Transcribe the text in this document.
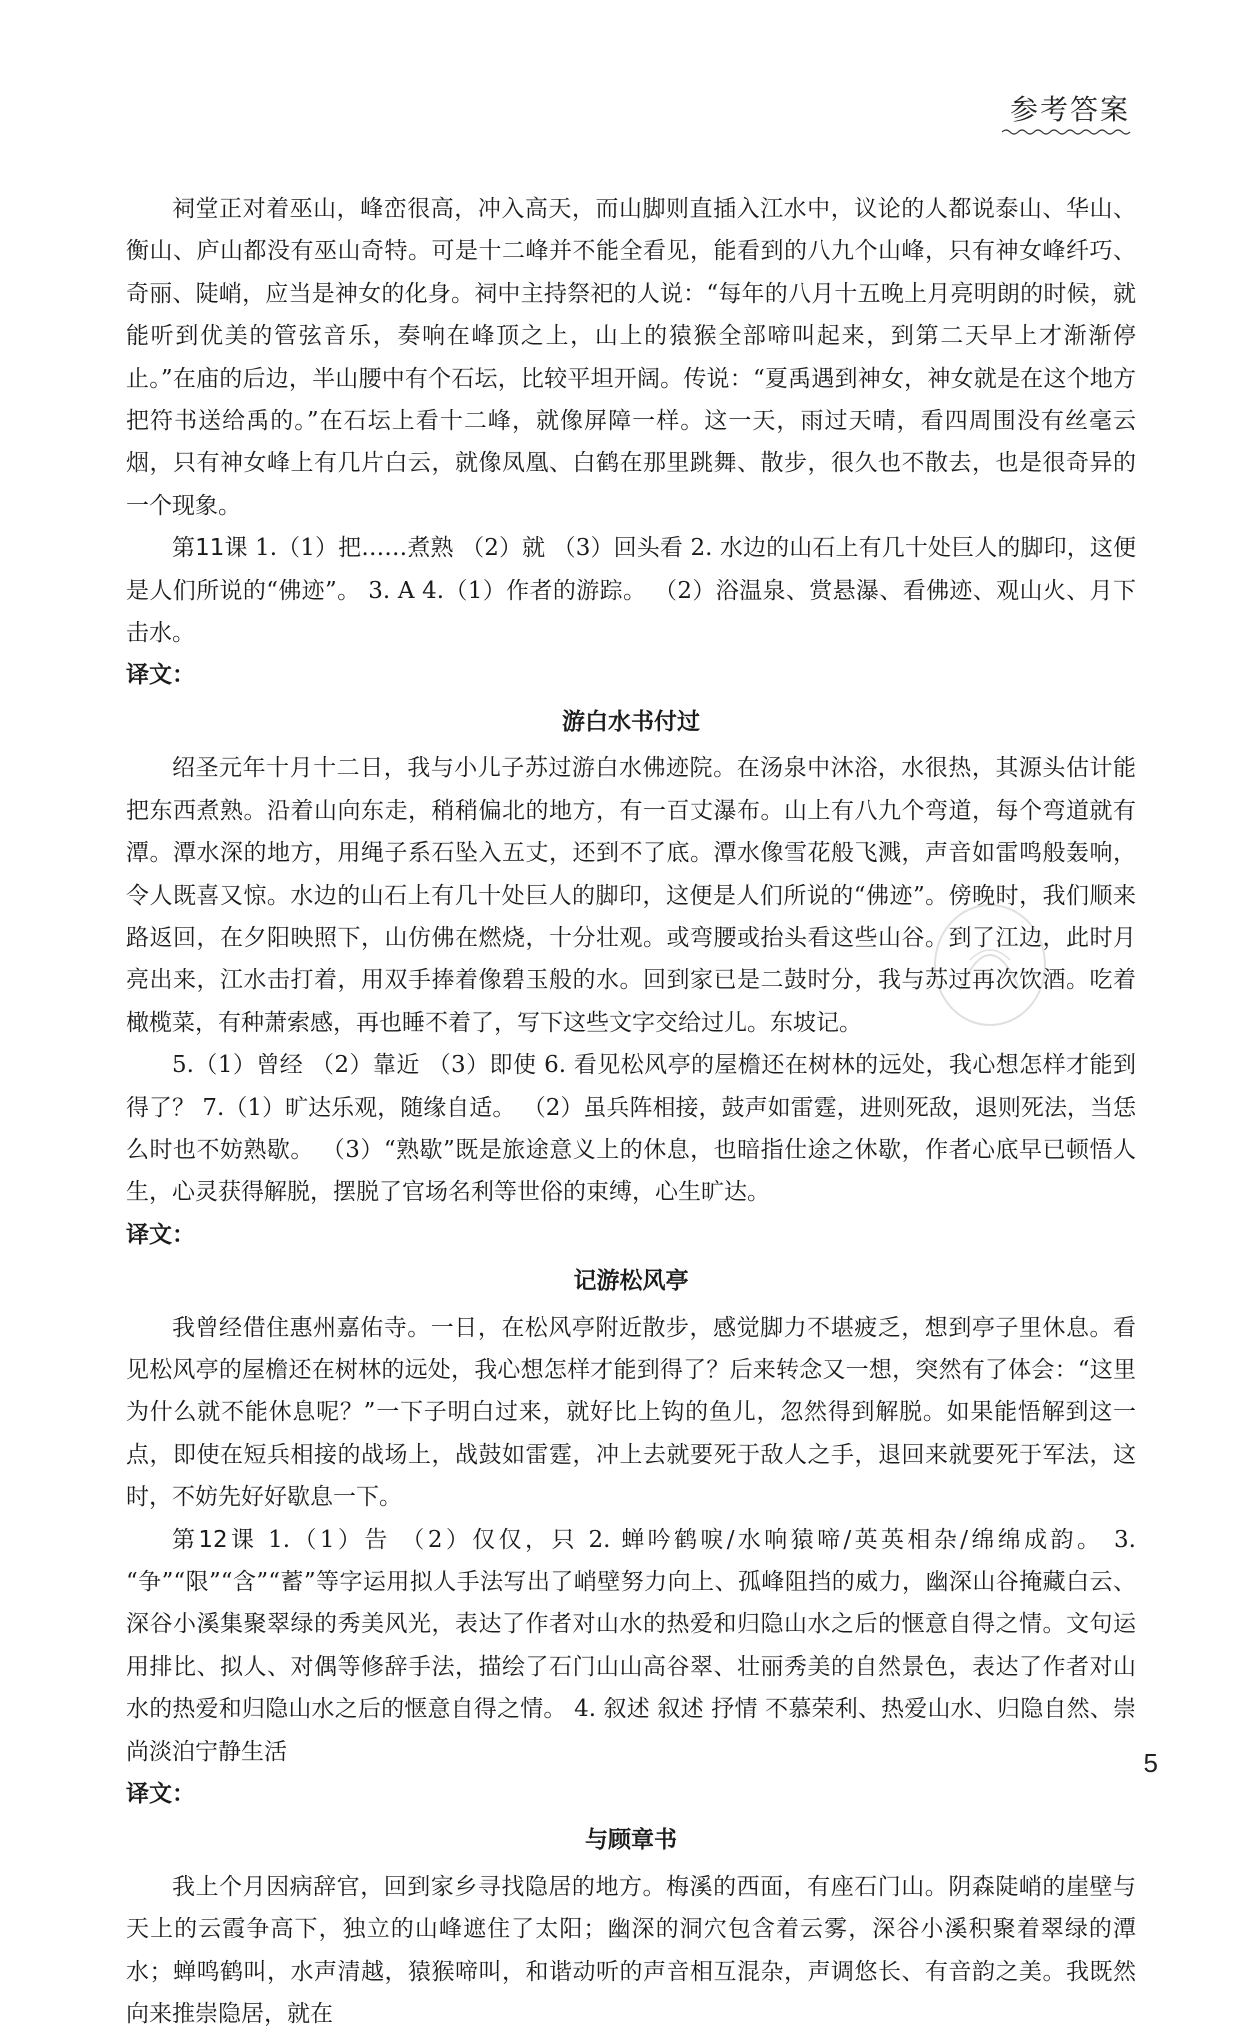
参考答案

祠堂正对着巫山，峰峦很高，冲入高天，而山脚则直插入江水中，议论的人都说泰山、华山、衡山、庐山都没有巫山奇特。可是十二峰并不能全看见，能看到的八九个山峰，只有神女峰纤巧、奇丽、陡峭，应当是神女的化身。祠中主持祭祀的人说：“每年的八月十五晚上月亮明朗的时候，就能听到优美的管弦音乐，奏响在峰顶之上，山上的猿猴全部啼叫起来，到第二天早上才渐渐停止。”在庙的后边，半山腰中有个石坛，比较平坦开阔。传说：“夏禹遇到神女，神女就是在这个地方把符书送给禹的。”在石坛上看十二峰，就像屏障一样。这一天，雨过天晴，看四周围没有丝毫云烟，只有神女峰上有几片白云，就像凤凰、白鹤在那里跳舞、散步，很久也不散去，也是很奇异的一个现象。

第11课 1.（1）把……煮熟 （2）就 （3）回头看 2. 水边的山石上有几十处巨人的脚印，这便是人们所说的“佛迹”。 3. A 4.（1）作者的游踪。 （2）浴温泉、赏悬瀑、看佛迹、观山火、月下击水。

译文：

游白水书付过

绍圣元年十月十二日，我与小儿子苏过游白水佛迹院。在汤泉中沐浴，水很热，其源头估计能把东西煮熟。沿着山向东走，稍稍偏北的地方，有一百丈瀑布。山上有八九个弯道，每个弯道就有潭。潭水深的地方，用绳子系石坠入五丈，还到不了底。潭水像雪花般飞溅，声音如雷鸣般轰响，令人既喜又惊。水边的山石上有几十处巨人的脚印，这便是人们所说的“佛迹”。傍晚时，我们顺来路返回，在夕阳映照下，山仿佛在燃烧，十分壮观。或弯腰或抬头看这些山谷。到了江边，此时月亮出来，江水击打着，用双手捧着像碧玉般的水。回到家已是二鼓时分，我与苏过再次饮酒。吃着橄榄菜，有种萧索感，再也睡不着了，写下这些文字交给过儿。东坡记。

5.（1）曾经 （2）靠近 （3）即使 6. 看见松风亭的屋檐还在树林的远处，我心想怎样才能到得了？ 7.（1）旷达乐观，随缘自适。 （2）虽兵阵相接，鼓声如雷霆，进则死敌，退则死法，当恁么时也不妨熟歇。 （3）“熟歇”既是旅途意义上的休息，也暗指仕途之休歇，作者心底早已顿悟人生，心灵获得解脱，摆脱了官场名利等世俗的束缚，心生旷达。

译文：

记游松风亭

我曾经借住惠州嘉佑寺。一日，在松风亭附近散步，感觉脚力不堪疲乏，想到亭子里休息。看见松风亭的屋檐还在树林的远处，我心想怎样才能到得了？后来转念又一想，突然有了体会：“这里为什么就不能休息呢？”一下子明白过来，就好比上钩的鱼儿，忽然得到解脱。如果能悟解到这一点，即使在短兵相接的战场上，战鼓如雷霆，冲上去就要死于敌人之手，退回来就要死于军法，这时，不妨先好好歇息一下。

第12课 1.（1）告 （2）仅仅，只 2. 蝉吟鹤唳/水响猿啼/英英相杂/绵绵成韵。 3. “争”“限”“含”“蓄”等字运用拟人手法写出了峭壁努力向上、孤峰阻挡的威力，幽深山谷掩藏白云、深谷小溪集聚翠绿的秀美风光，表达了作者对山水的热爱和归隐山水之后的惬意自得之情。文句运用排比、拟人、对偶等修辞手法，描绘了石门山山高谷翠、壮丽秀美的自然景色，表达了作者对山水的热爱和归隐山水之后的惬意自得之情。 4. 叙述 叙述 抒情 不慕荣利、热爱山水、归隐自然、崇尚淡泊宁静生活

译文：

与顾章书

我上个月因病辞官，回到家乡寻找隐居的地方。梅溪的西面，有座石门山。阴森陡峭的崖壁与天上的云霞争高下，独立的山峰遮住了太阳；幽深的洞穴包含着云雾，深谷小溪积聚着翠绿的潭水；蝉鸣鹤叫，水声清越，猿猴啼叫，和谐动听的声音相互混杂，声调悠长、有音韵之美。我既然向来推崇隐居，就在

5
